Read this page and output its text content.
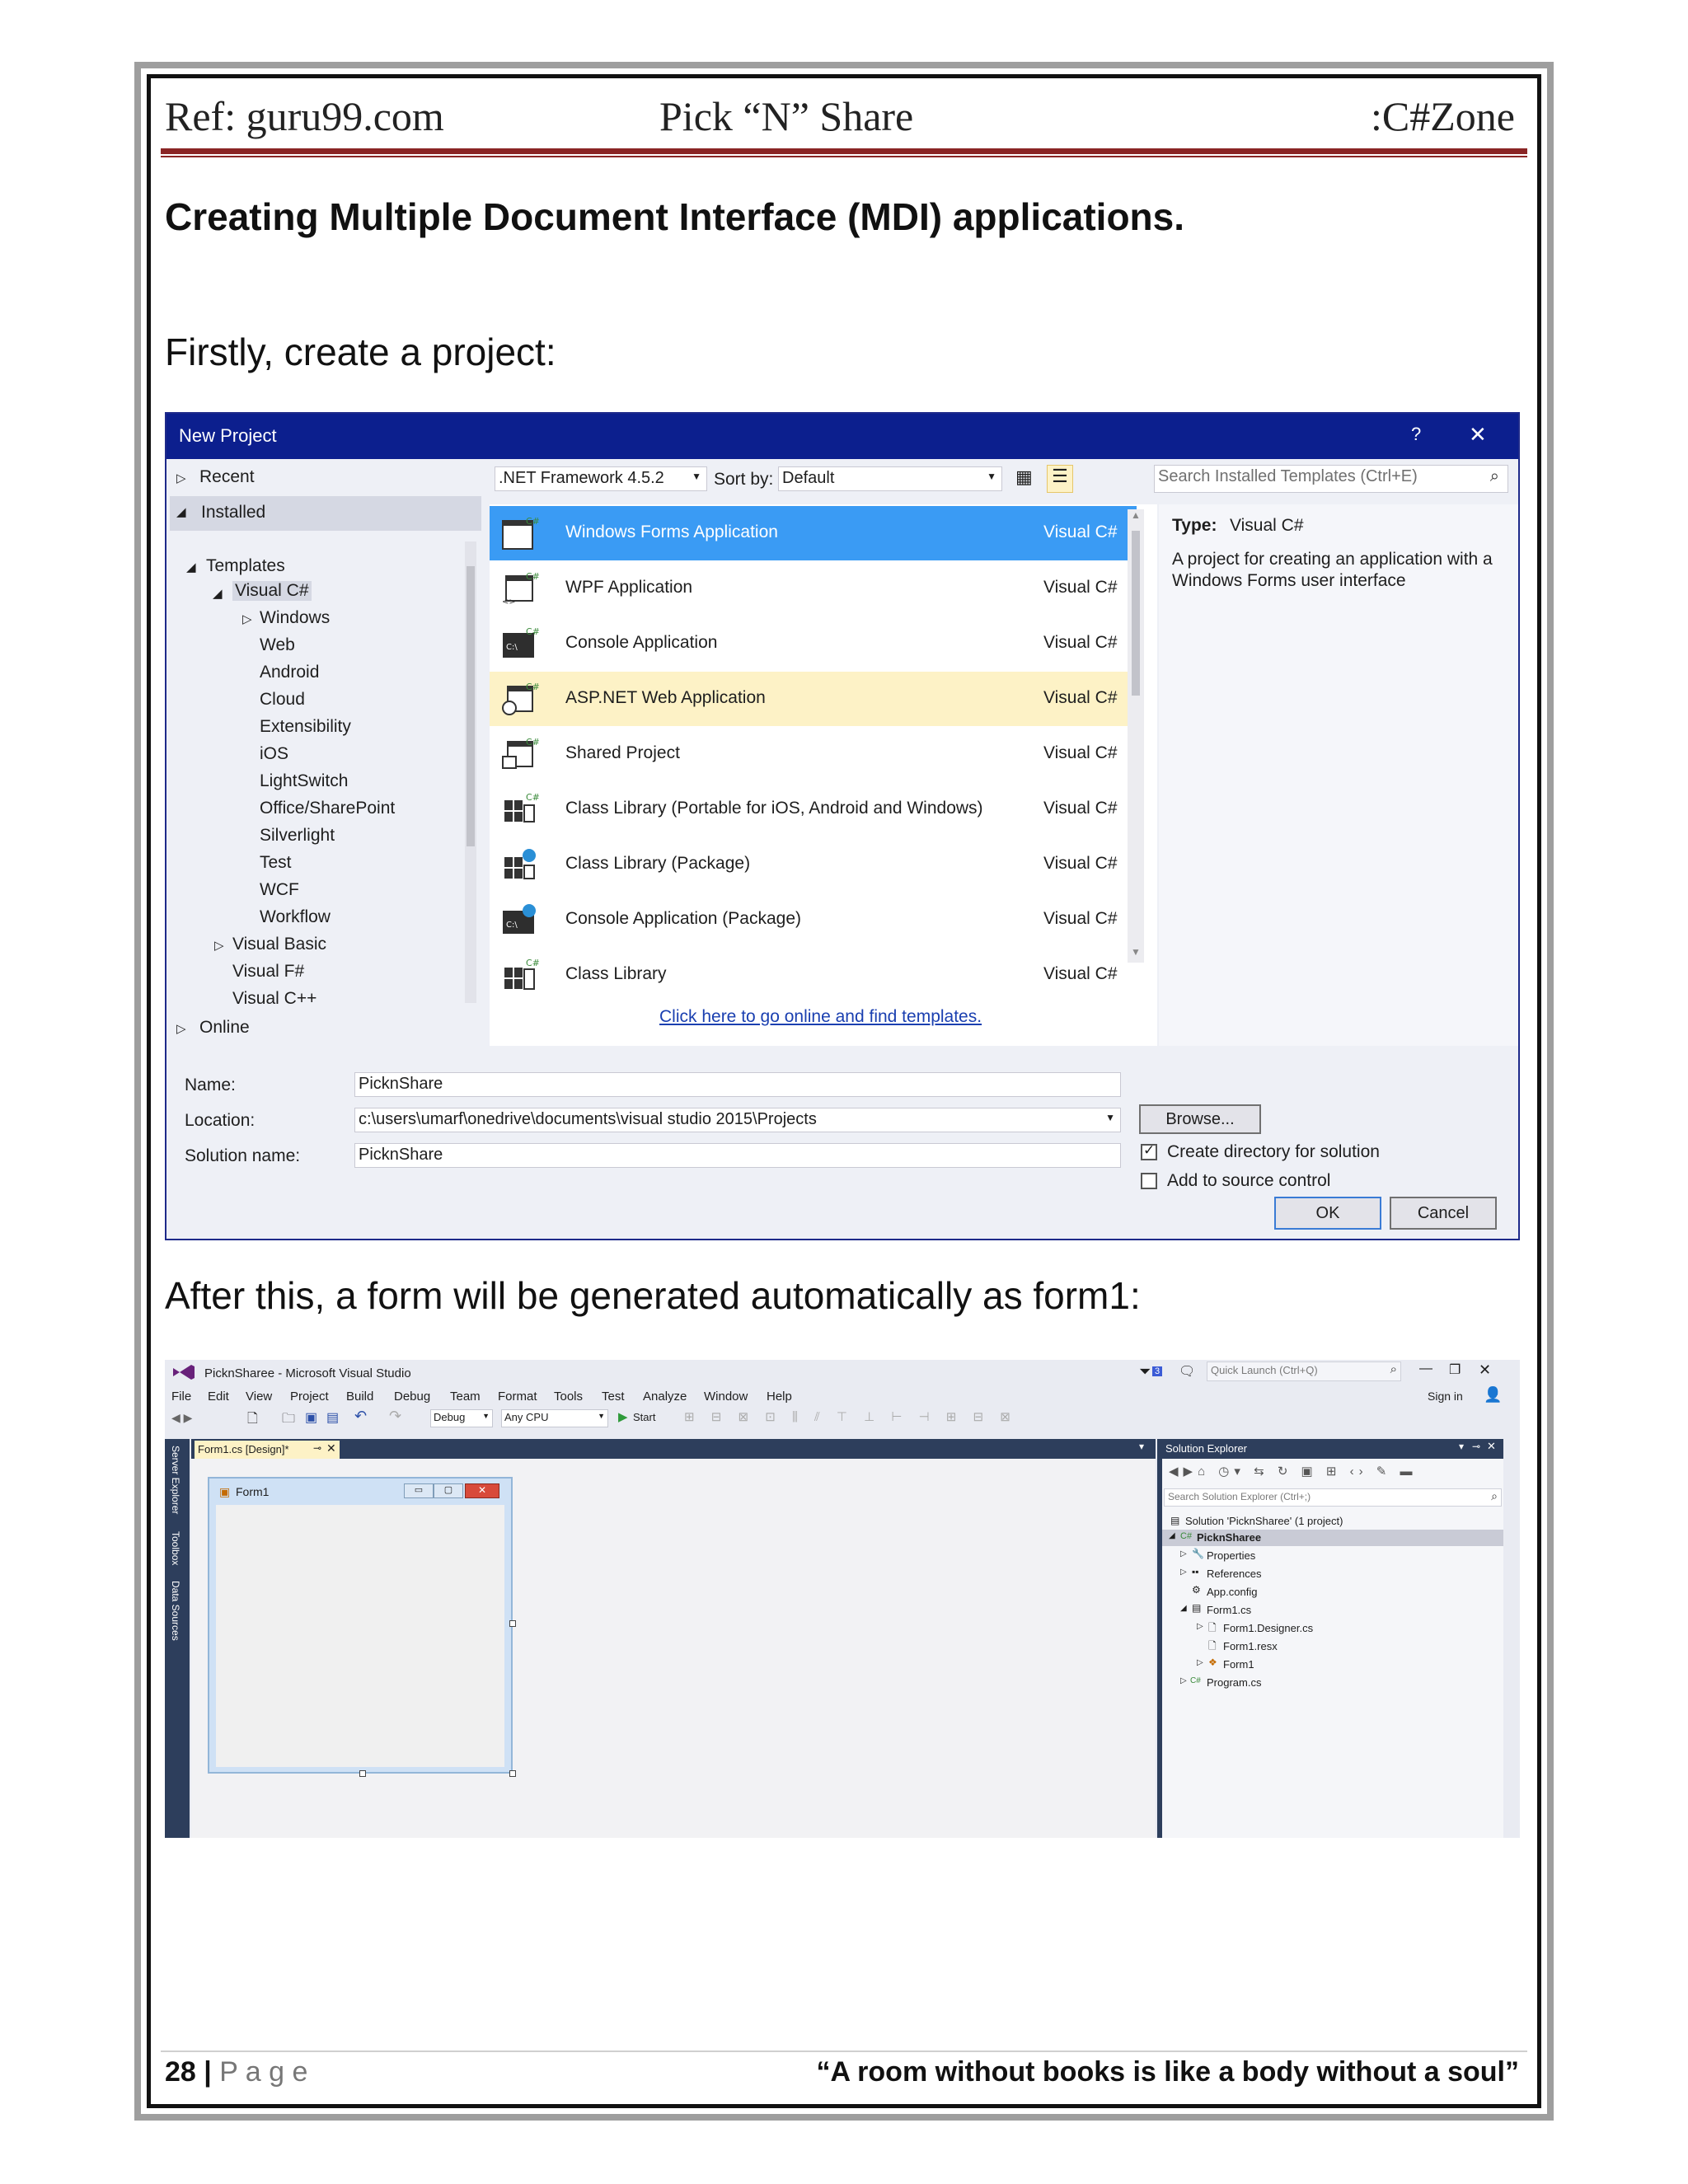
Ref: guru99.com	Pick “N” Share	:C#Zone
Creating Multiple Document Interface (MDI) applications.
Firstly, create a project:
New Project	? ✕
▷ Recent
◢ Installed
◢ Templates
◢ Visual C#
▷ Windows
Web
Android
Cloud
Extensibility
iOS
LightSwitch
Office/SharePoint
Silverlight
Test
WCF
Workflow
▷ Visual Basic
Visual F#
Visual C++
▷ Online
.NET Framework 4.5.2	▼ Sort by: Default	▼ ▦	☰	Search Installed Templates (Ctrl+E)	⌕
C#
Windows Forms Application	Visual C#
<>
C#
WPF Application	Visual C#
C:\
C#
Console Application	Visual C#
C#
ASP.NET Web Application	Visual C#
C#
Shared Project	Visual C#
C#
Class Library (Portable for iOS, Android and Windows)	Visual C#
Class Library (Package)	Visual C#
C:\	Console Application (Package)	Visual C#
C#
Class Library	Visual C#
▲
▼
Click here to go online and find templates.
Type: Visual C#
A project for creating an application with a Windows Forms user interface
Name:	PicknShare
Location:	c:\users\umarf\onedrive\documents\visual studio 2015\Projects	▼
Solution name:	PicknShare
Browse...
✓ Create directory for solution
Add to source control
OK	Cancel
After this, a form will be generated automatically as form1:
PicknSharee - Microsoft Visual Studio	⏷ 3 🗨	Quick Launch (Ctrl+Q)	⌕ — ❐ ✕
File Edit View Project Build Debug Team Format Tools Test Analyze Window Help	Sign in 👤
◀ ▶	🗋 🗀 ▣ ▤ ↶ ↷	Debug ▼	Any CPU	▼ ▶ Start ⊞ ⊟ ⊠ ⊡ ⫼ ⫽ ⊤ ⊥ ⊢ ⊣ ⊞ ⊟ ⊠
Server Explorer
Toolbox
Data Sources
Form1.cs [Design]* ⊸ ✕	▾
▣ Form1	▭	▢	✕
Solution Explorer	▾ ⊸ ✕
◀▶⌂ ◷▾ ⇆ ↻ ▣ ⊞ ‹› ✎ ▬
Search Solution Explorer (Ctrl+;)	⌕
▤ Solution 'PicknSharee' (1 project)
◢ C# PicknSharee
▷ 🔧 Properties
▷ ▪▪ References
⚙ App.config
◢ ▤ Form1.cs
▷ 🗋 Form1.Designer.cs
🗋 Form1.resx
▷ ❖ Form1
▷ C# Program.cs
28 | P a g e	“A room without books is like a body without a soul”
